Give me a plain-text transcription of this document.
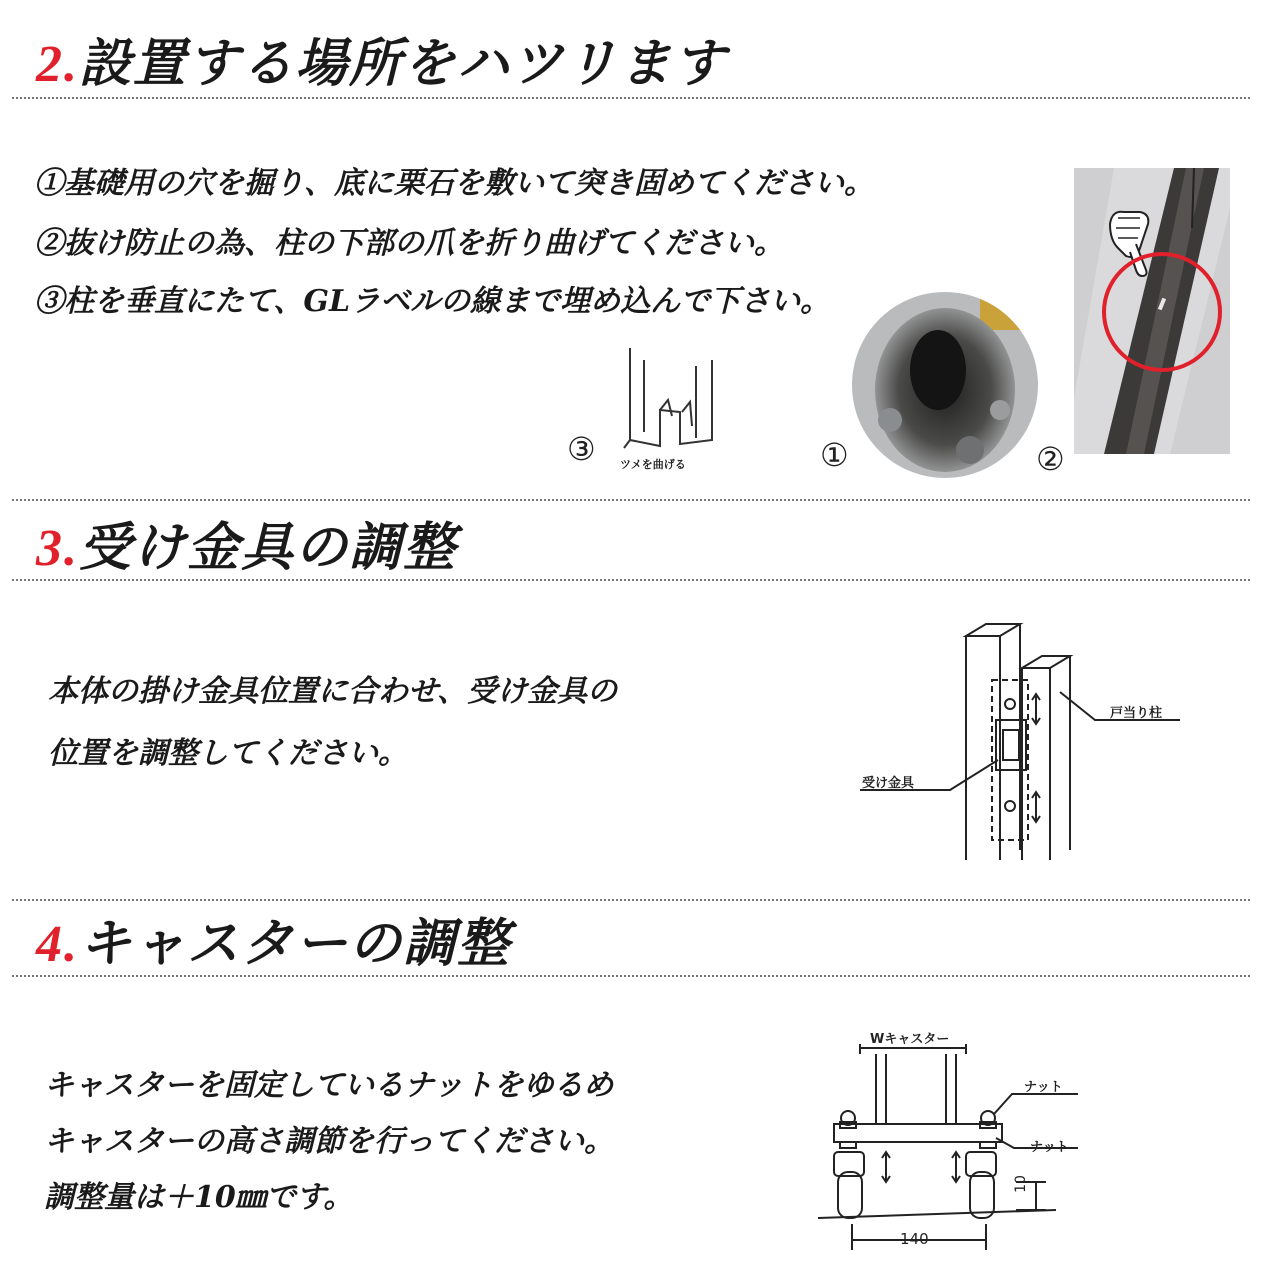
2.設置する場所をハツリます
①基礎用の穴を掘り、底に栗石を敷いて突き固めてください。
②抜け防止の為、柱の下部の爪を折り曲げてください。
③柱を垂直にたて、GLラベルの線まで埋め込んで下さい。
③ ツメを曲げる	①	②
3.受け金具の調整
本体の掛け金具位置に合わせ、受け金具の
位置を調整してください。
戸当り柱
受け金具
4.キャスターの調整
キャスターを固定しているナットをゆるめ
キャスターの高さ調節を行ってください。
調整量は＋10㎜です。
Wキャスター
ナット
ナット
10
140
